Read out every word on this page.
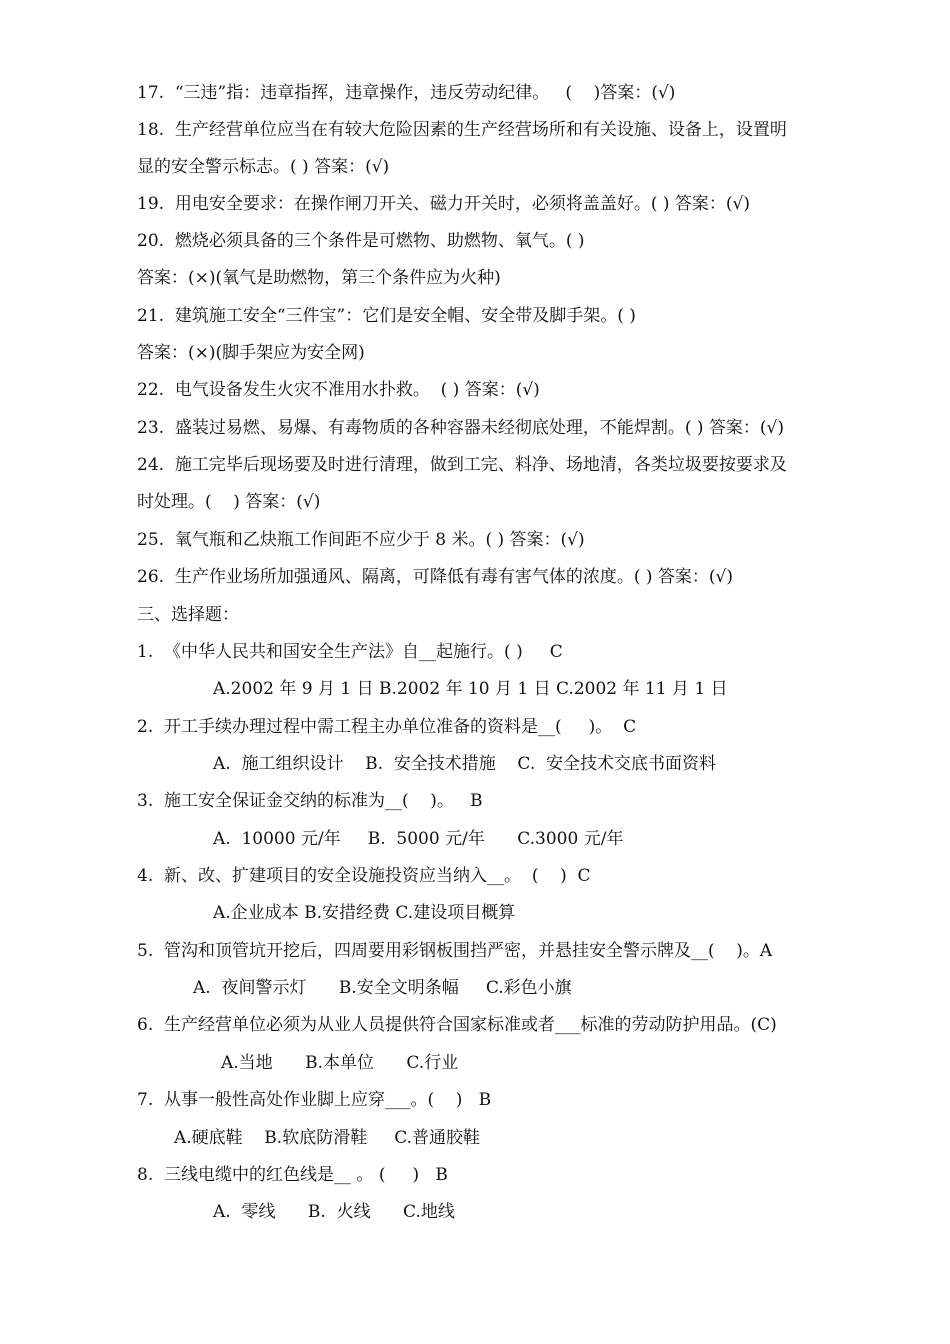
17.  “三违”指：违章指挥，违章操作，违反劳动纪律。   (    )答案：(√)
18.  生产经营单位应当在有较大危险因素的生产经营场所和有关设施、设备上，设置明
显的安全警示标志。( ) 答案：(√)
19.  用电安全要求：在操作闸刀开关、磁力开关时，必须将盖盖好。( ) 答案：(√)
20.  燃烧必须具备的三个条件是可燃物、助燃物、氧气。( )
答案：(×)(氧气是助燃物，第三个条件应为火种)
21.  建筑施工安全“三件宝”：它们是安全帽、安全带及脚手架。( )
答案：(×)(脚手架应为安全网)
22.  电气设备发生火灾不准用水扑救。  ( ) 答案：(√)
23.  盛装过易燃、易爆、有毒物质的各种容器未经彻底处理，不能焊割。( ) 答案：(√)
24.  施工完毕后现场要及时进行清理，做到工完、料净、场地清，各类垃圾要按要求及
时处理。(    ) 答案：(√)
25.  氧气瓶和乙炔瓶工作间距不应少于 8 米。( ) 答案：(√)
26.  生产作业场所加强通风、隔离，可降低有毒有害气体的浓度。( ) 答案：(√)
三、选择题：
1.  《中华人民共和国安全生产法》自__起施行。( )     C
A.2002 年 9 月 1 日 B.2002 年 10 月 1 日 C.2002 年 11 月 1 日
2.  开工手续办理过程中需工程主办单位准备的资料是__(     )。  C
A.  施工组织设计    B.  安全技术措施    C.  安全技术交底书面资料
3.  施工安全保证金交纳的标准为__(    )。   B
A.  10000 元/年     B.  5000 元/年      C.3000 元/年
4.  新、改、扩建项目的安全设施投资应当纳入__。  (    )  C
A.企业成本 B.安措经费 C.建设项目概算
5.  管沟和顶管坑开挖后，四周要用彩钢板围挡严密，并悬挂安全警示牌及__(    )。A
A.  夜间警示灯      B.安全文明条幅     C.彩色小旗
6.  生产经营单位必须为从业人员提供符合国家标准或者___标准的劳动防护用品。(C)
A.当地      B.本单位      C.行业
7.  从事一般性高处作业脚上应穿___。(    )   B
A.硬底鞋    B.软底防滑鞋     C.普通胶鞋
8.  三线电缆中的红色线是__ 。 (     )   B
A.  零线      B.  火线      C.地线
